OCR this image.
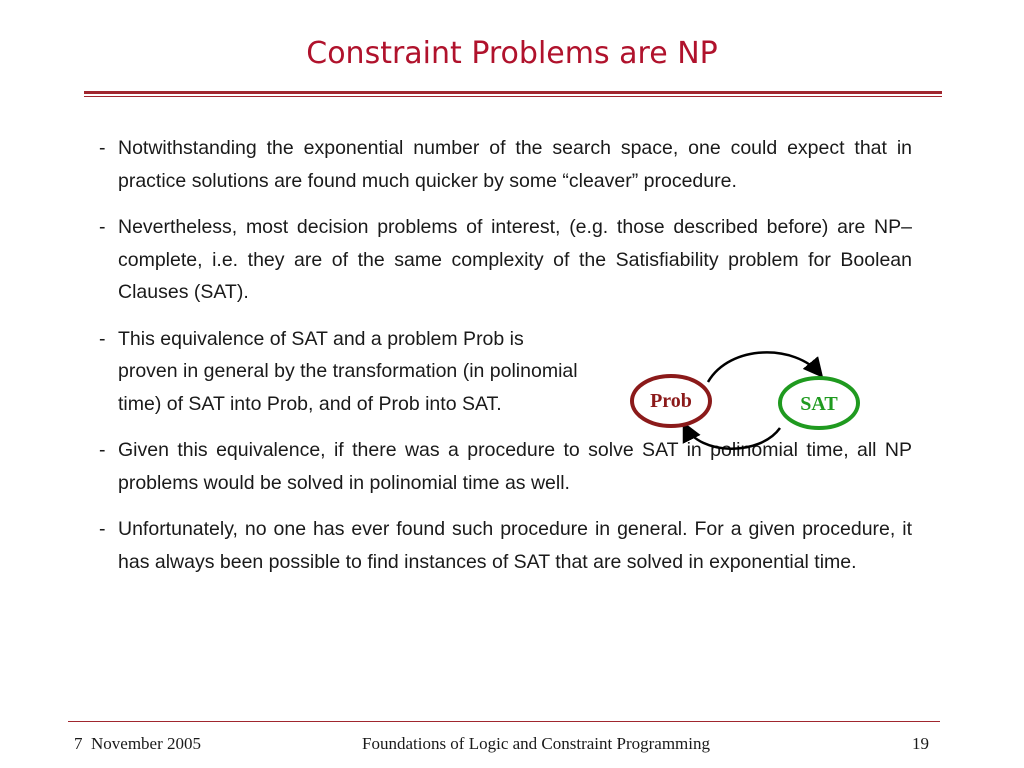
Constraint Problems are NP
- Notwithstanding the exponential number of the search space, one could expect that in practice solutions are found much quicker by some “cleaver” procedure.
- Nevertheless, most decision problems of interest, (e.g. those described before) are NP–complete, i.e. they are of the same complexity of the Satisfiability problem for Boolean Clauses (SAT).
- This equivalence of SAT and a problem Prob is proven in general by the transformation (in polinomial time) of SAT into Prob, and of Prob into SAT.
- Given this equivalence, if there was a procedure to solve SAT in polinomial time, all NP problems would be solved in polinomial time as well.
- Unfortunately, no one has ever found such procedure in general. For a given procedure, it has always been possible to find instances of SAT that are solved in exponential time.
Prob	SAT
7  November 2005	Foundations of Logic and Constraint Programming	19
